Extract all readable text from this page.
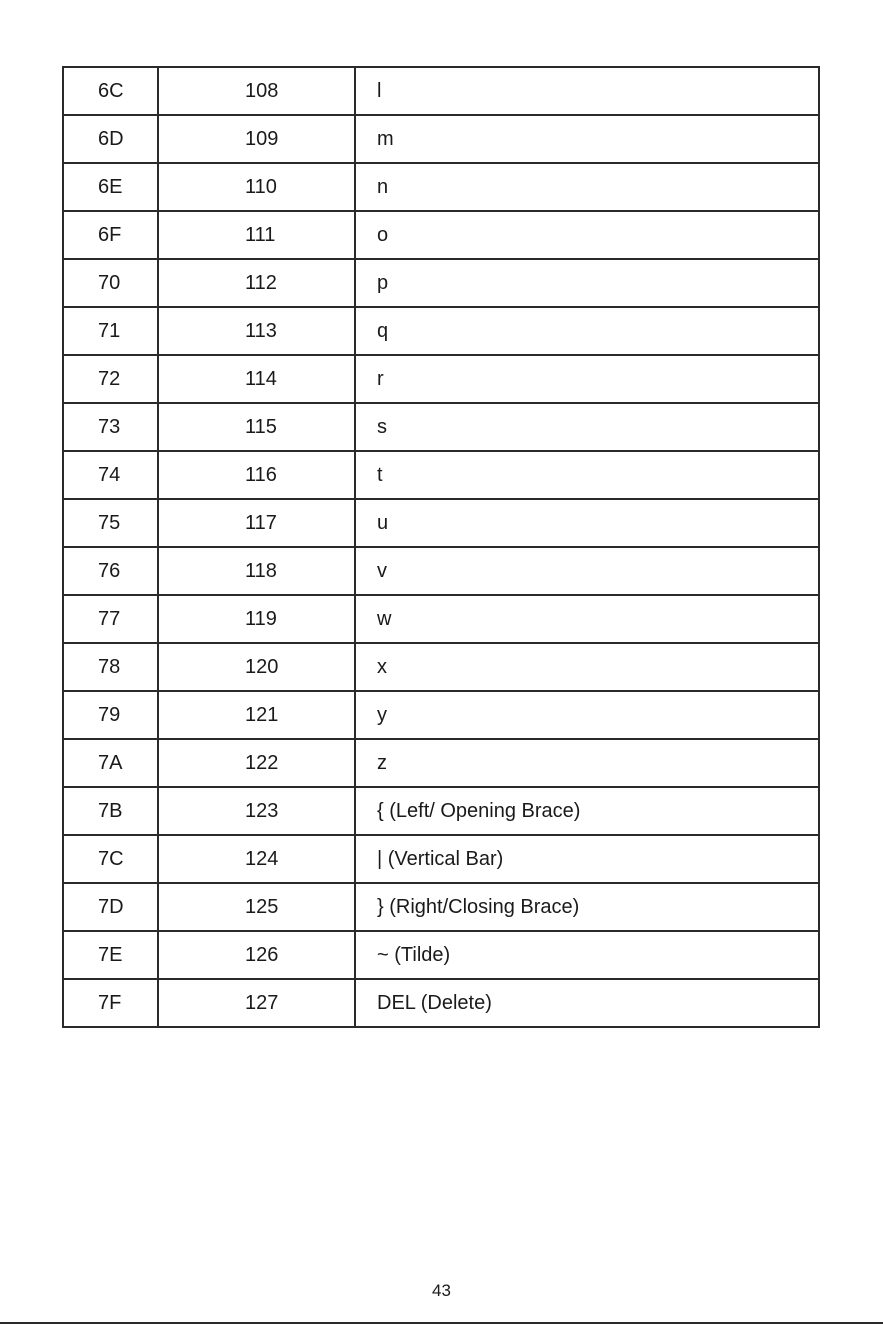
6C	108	l
6D	109	m
6E	110	n
6F	111	o
70	112	p
71	113	q
72	114	r
73	115	s
74	116	t
75	117	u
76	118	v
77	119	w
78	120	x
79	121	y
7A	122	z
7B	123	{ (Left/ Opening Brace)
7C	124	| (Vertical Bar)
7D	125	} (Right/Closing Brace)
7E	126	~ (Tilde)
7F	127	DEL (Delete)
43
